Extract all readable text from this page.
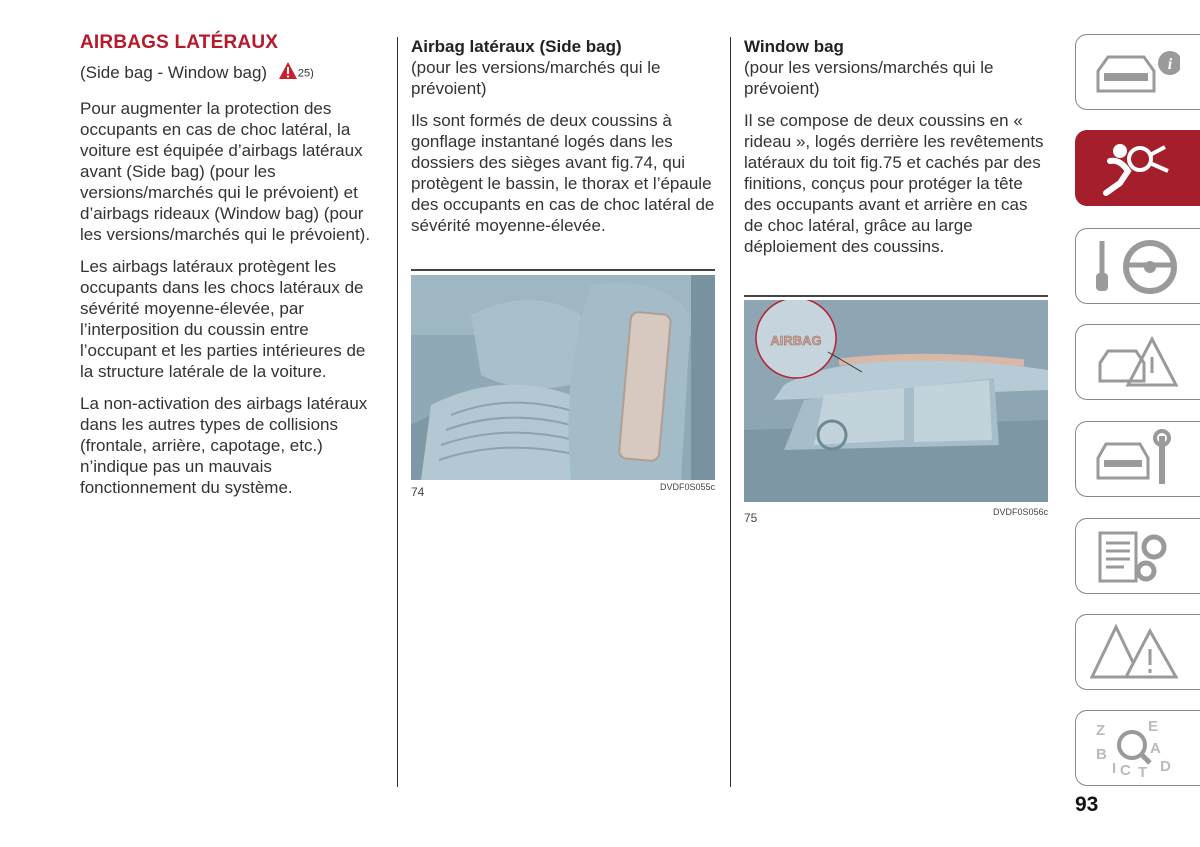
AIRBAGS LATÉRAUX
(Side bag - Window bag)	25)

Pour augmenter la protection des occupants en cas de choc latéral, la voiture est équipée d’airbags latéraux avant (Side bag) (pour les versions/marchés qui le prévoient) et d’airbags rideaux (Window bag) (pour les versions/marchés qui le prévoient).

Les airbags latéraux protègent les occupants dans les chocs latéraux de sévérité moyenne-élevée, par l’interposition du coussin entre l’occupant et les parties intérieures de la structure latérale de la voiture.

La non-activation des airbags latéraux dans les autres types de collisions (frontale, arrière, capotage, etc.) n’indique pas un mauvais fonctionnement du système.

Airbag latéraux (Side bag)

(pour les versions/marchés qui le prévoient)

Ils sont formés de deux coussins à gonflage instantané logés dans les dossiers des sièges avant fig.74, qui protègent le bassin, le thorax et l’épaule des occupants en cas de choc latéral de sévérité moyenne-élevée.

74	DVDF0S055c
Window bag

(pour les versions/marchés qui le prévoient)

Il se compose de deux coussins en « rideau », logés derrière les revêtements latéraux du toit fig.75 et cachés par des finitions, conçus pour protéger la tête des occupants avant et arrière en cas de choc latéral, grâce au large déploiement des coussins.

AIRBAG
75	DVDF0S056c
i
Z	E
B	A
C T D
I
93
